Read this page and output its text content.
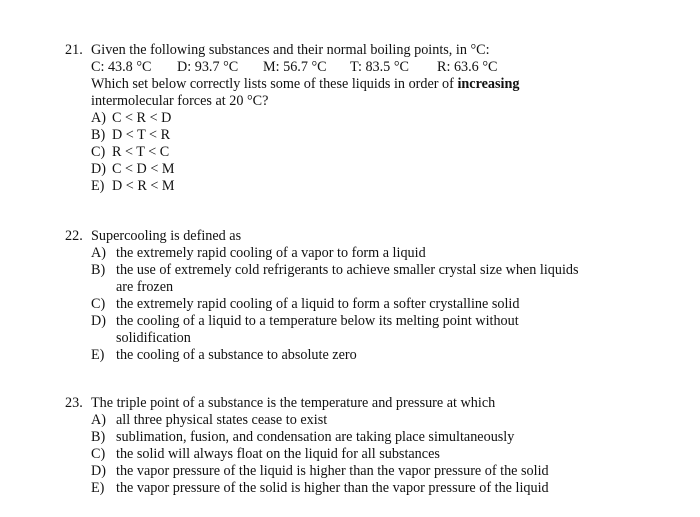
21. Given the following substances and their normal boiling points, in °C:
C: 43.8 °C D: 93.7 °C M: 56.7 °C T: 83.5 °C R: 63.6 °C
Which set below correctly lists some of these liquids in order of increasing
intermolecular forces at 20 °C?
A) C < R < D
B) D < T < R
C) R < T < C
D) C < D < M
E) D < R < M
22. Supercooling is defined as
A) the extremely rapid cooling of a vapor to form a liquid
B) the use of extremely cold refrigerants to achieve smaller crystal size when liquids
are frozen
C) the extremely rapid cooling of a liquid to form a softer crystalline solid
D) the cooling of a liquid to a temperature below its melting point without
solidification
E) the cooling of a substance to absolute zero
23. The triple point of a substance is the temperature and pressure at which
A) all three physical states cease to exist
B) sublimation, fusion, and condensation are taking place simultaneously
C) the solid will always float on the liquid for all substances
D) the vapor pressure of the liquid is higher than the vapor pressure of the solid
E) the vapor pressure of the solid is higher than the vapor pressure of the liquid
